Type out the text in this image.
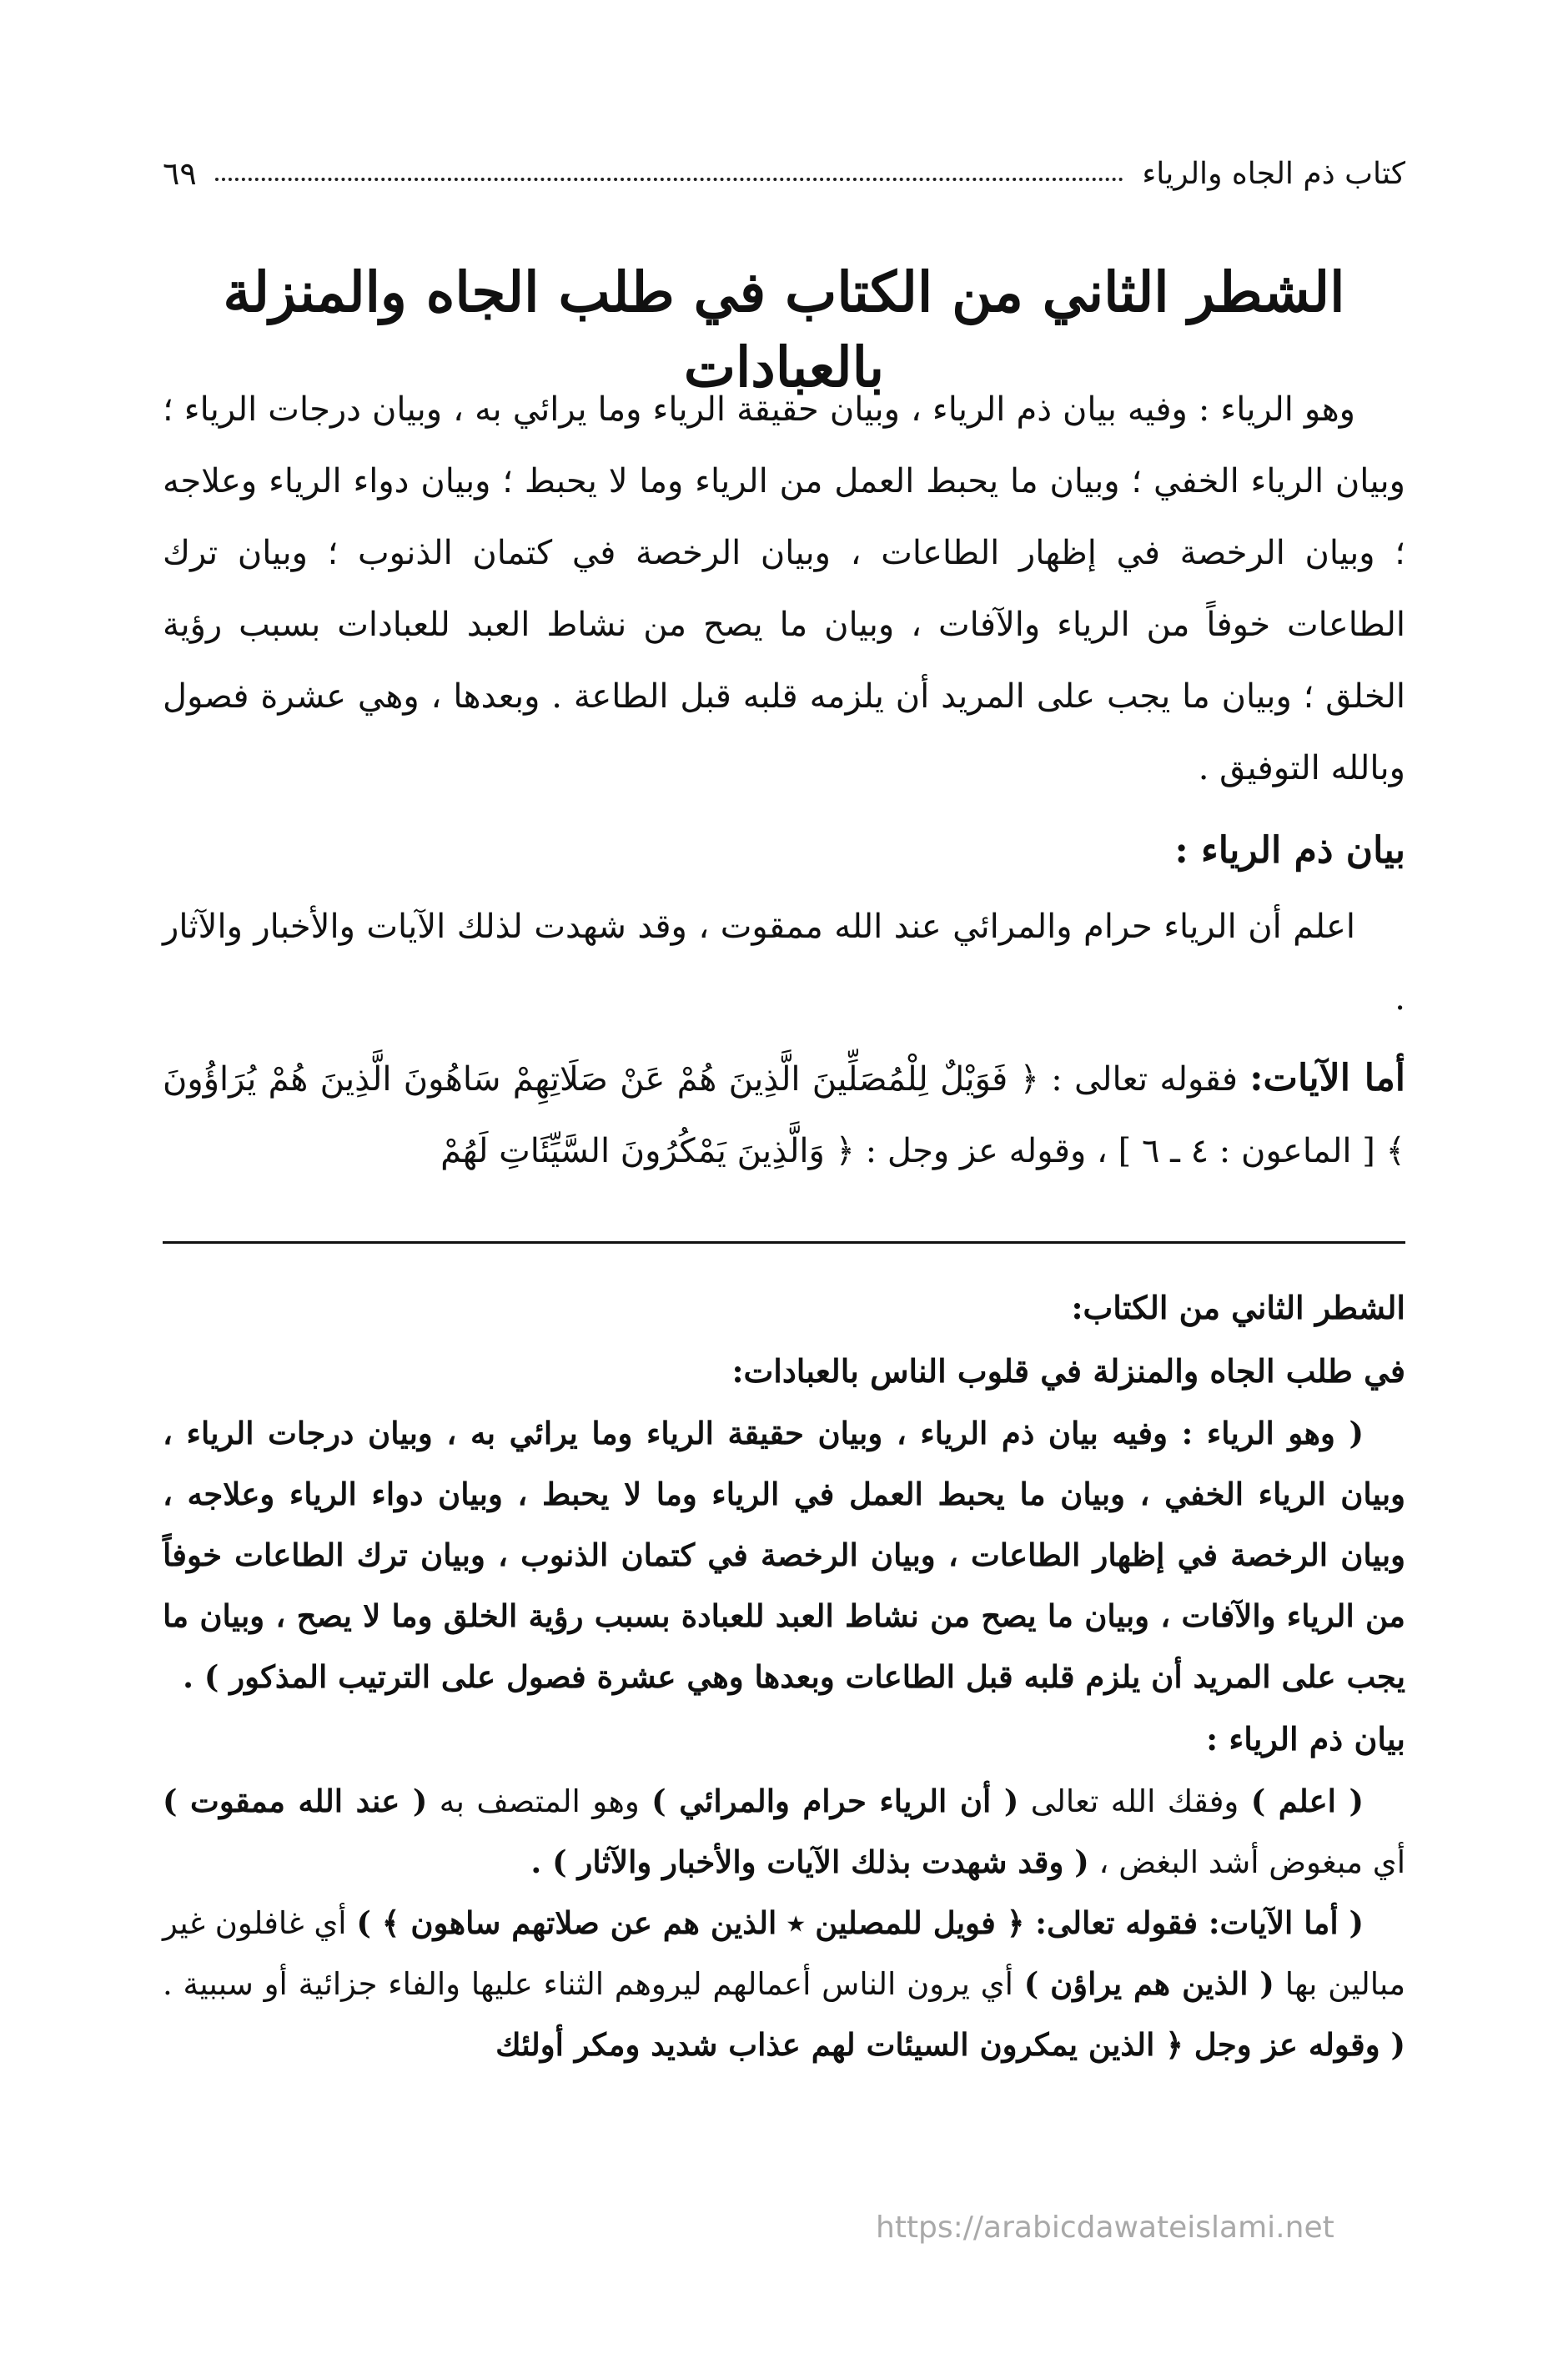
كتاب ذم الجاه والرياء
٦٩
الشطر الثاني من الكتاب في طلب الجاه والمنزلة بالعبادات

وهو الرياء : وفيه بيان ذم الرياء ، وبيان حقيقة الرياء وما يرائي به ، وبيان درجات الرياء ؛ وبيان الرياء الخفي ؛ وبيان ما يحبط العمل من الرياء وما لا يحبط ؛ وبيان دواء الرياء وعلاجه ؛ وبيان الرخصة في إظهار الطاعات ، وبيان الرخصة في كتمان الذنوب ؛ وبيان ترك الطاعات خوفاً من الرياء والآفات ، وبيان ما يصح من نشاط العبد للعبادات بسبب رؤية الخلق ؛ وبيان ما يجب على المريد أن يلزمه قلبه قبل الطاعة . وبعدها ، وهي عشرة فصول وبالله التوفيق .

بيان ذم الرياء :

اعلم أن الرياء حرام والمرائي عند الله ممقوت ، وقد شهدت لذلك الآيات والأخبار والآثار .

أما الآيات: فقوله تعالى : ﴿ فَوَيْلٌ لِلْمُصَلِّينَ الَّذِينَ هُمْ عَنْ صَلَاتِهِمْ سَاهُونَ الَّذِينَ هُمْ يُرَاؤُونَ ﴾ [ الماعون : ٤ ـ ٦ ] ، وقوله عز وجل : ﴿ وَالَّذِينَ يَمْكُرُونَ السَّيِّئَاتِ لَهُمْ

الشطر الثاني من الكتاب:

في طلب الجاه والمنزلة في قلوب الناس بالعبادات:

( وهو الرياء : وفيه بيان ذم الرياء ، وبيان حقيقة الرياء وما يرائي به ، وبيان درجات الرياء ، وبيان الرياء الخفي ، وبيان ما يحبط العمل في الرياء وما لا يحبط ، وبيان دواء الرياء وعلاجه ، وبيان الرخصة في إظهار الطاعات ، وبيان الرخصة في كتمان الذنوب ، وبيان ترك الطاعات خوفاً من الرياء والآفات ، وبيان ما يصح من نشاط العبد للعبادة بسبب رؤية الخلق وما لا يصح ، وبيان ما يجب على المريد أن يلزم قلبه قبل الطاعات وبعدها وهي عشرة فصول على الترتيب المذكور ) .

بيان ذم الرياء :

( اعلم ) وفقك الله تعالى ( أن الرياء حرام والمرائي ) وهو المتصف به ( عند الله ممقوت ) أي مبغوض أشد البغض ، ( وقد شهدت بذلك الآيات والأخبار والآثار ) .

( أما الآيات: فقوله تعالى: ﴿ فويل للمصلين ٭ الذين هم عن صلاتهم ساهون ﴾ ) أي غافلون غير مبالين بها ( الذين هم يراؤن ) أي يرون الناس أعمالهم ليروهم الثناء عليها والفاء جزائية أو سببية . ( وقوله عز وجل ﴿ الذين يمكرون السيئات لهم عذاب شديد ومكر أولئك

https://arabicdawateislami.net
